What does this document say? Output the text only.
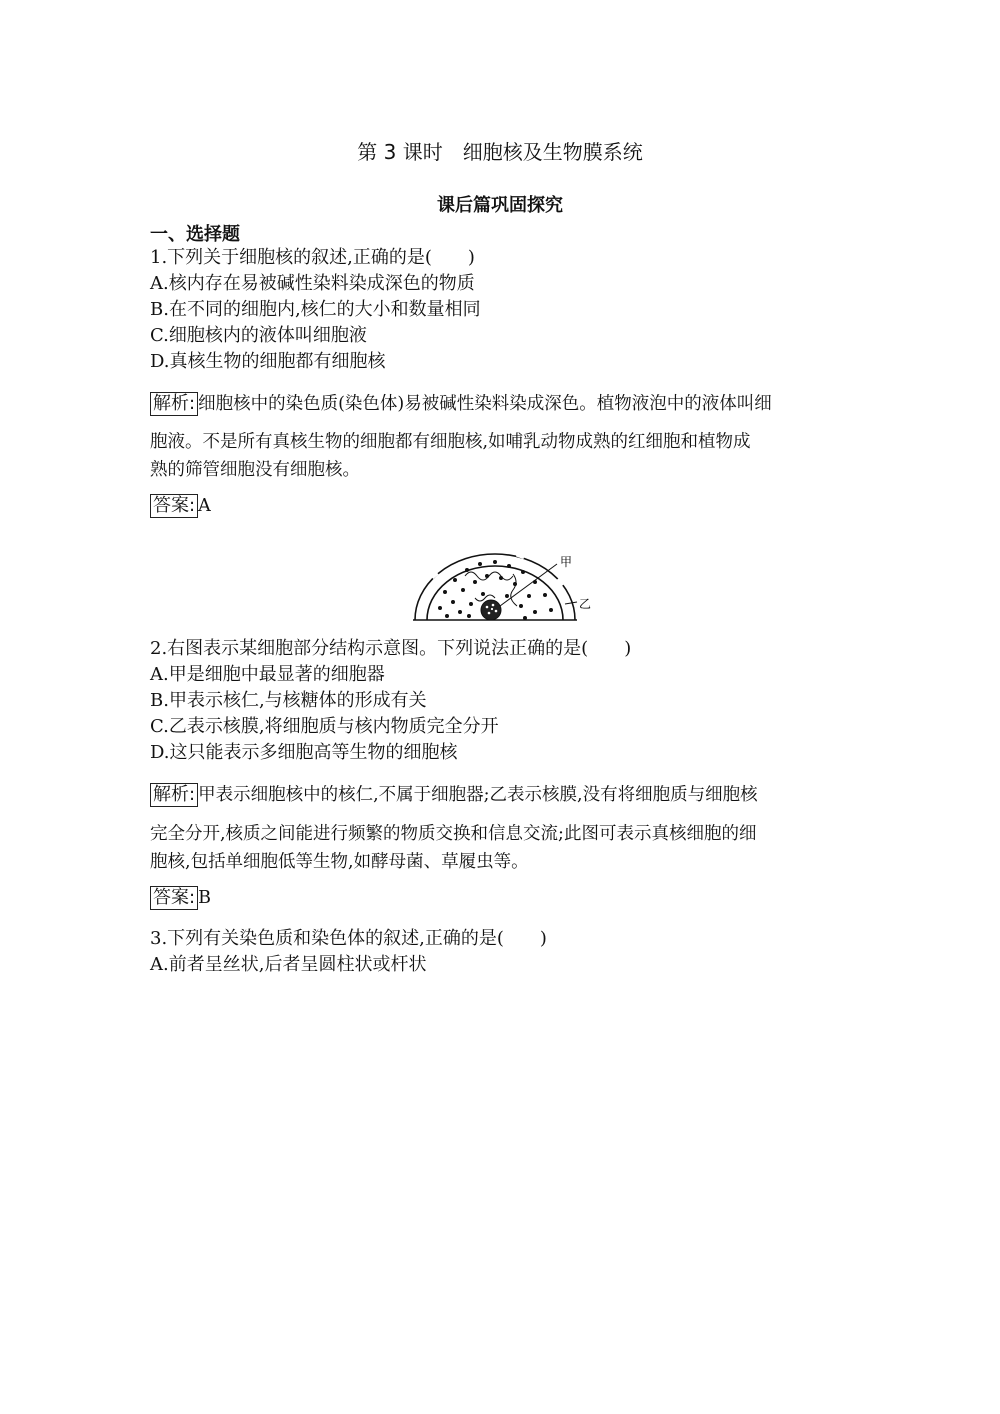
第 3 课时　细胞核及生物膜系统
课后篇巩固探究
一、选择题
1.下列关于细胞核的叙述,正确的是(　　)
A.核内存在易被碱性染料染成深色的物质
B.在不同的细胞内,核仁的大小和数量相同
C.细胞核内的液体叫细胞液
D.真核生物的细胞都有细胞核
解析: 细胞核中的染色质(染色体)易被碱性染料染成深色。植物液泡中的液体叫细
胞液。不是所有真核生物的细胞都有细胞核,如哺乳动物成熟的红细胞和植物成
熟的筛管细胞没有细胞核。
答案: A
甲
乙
2.右图表示某细胞部分结构示意图。下列说法正确的是(　　)
A.甲是细胞中最显著的细胞器
B.甲表示核仁,与核糖体的形成有关
C.乙表示核膜,将细胞质与核内物质完全分开
D.这只能表示多细胞高等生物的细胞核
解析: 甲表示细胞核中的核仁,不属于细胞器;乙表示核膜,没有将细胞质与细胞核
完全分开,核质之间能进行频繁的物质交换和信息交流;此图可表示真核细胞的细
胞核,包括单细胞低等生物,如酵母菌、草履虫等。
答案: B
3.下列有关染色质和染色体的叙述,正确的是(　　)
A.前者呈丝状,后者呈圆柱状或杆状
